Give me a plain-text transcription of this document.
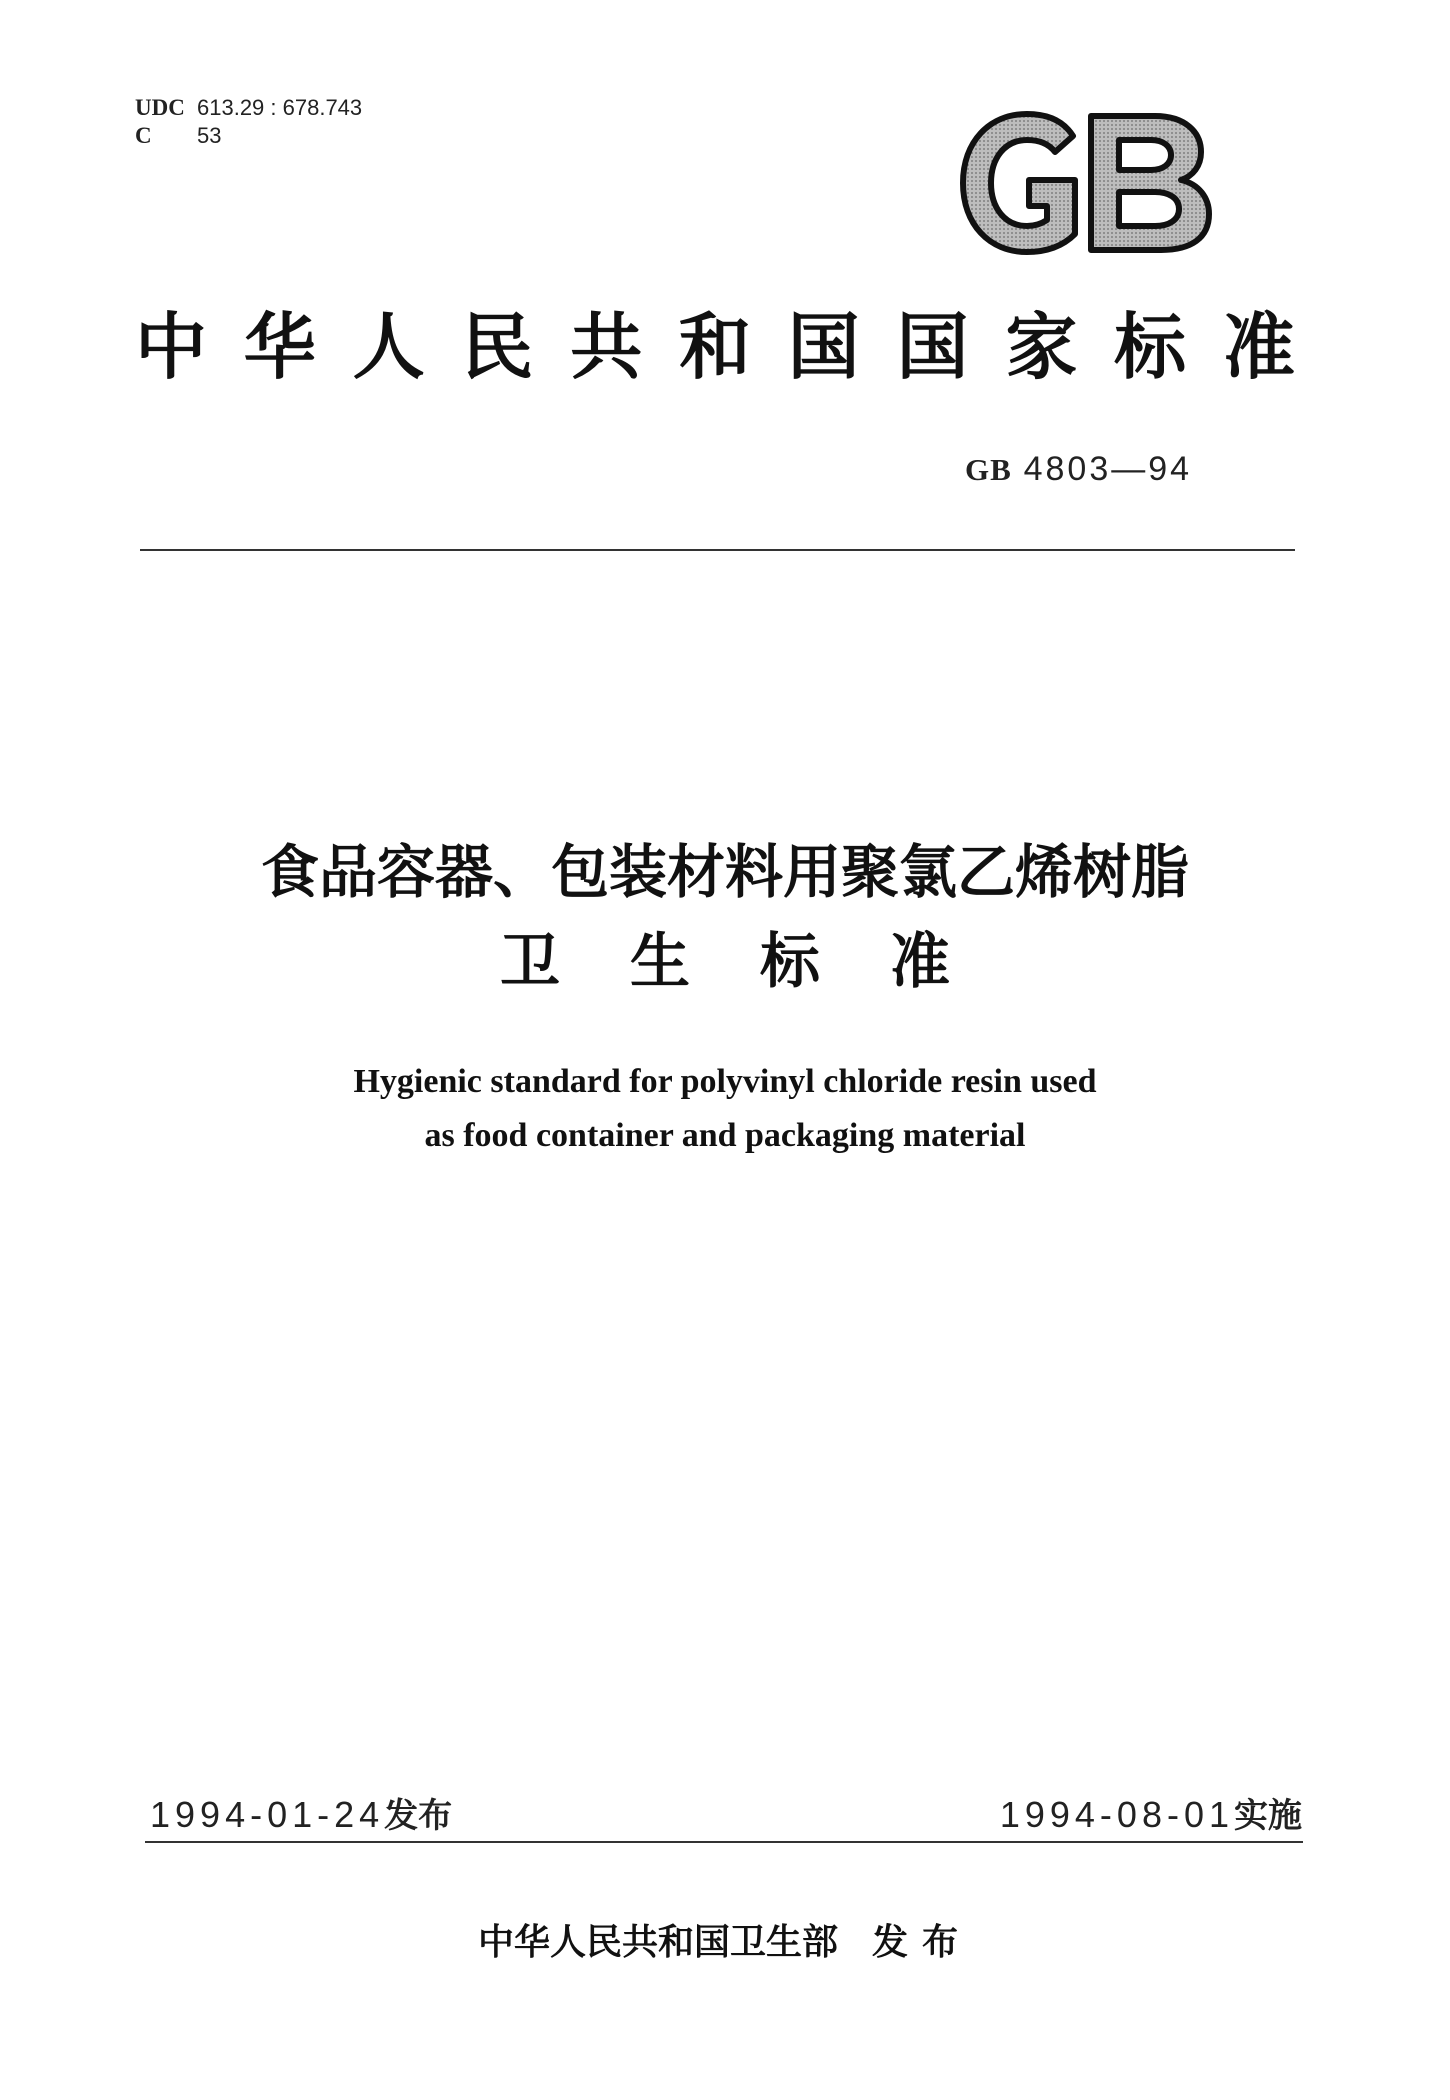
UDC 613.29 : 678.743
C 53
中 华 人 民 共 和 国 国 家 标 准
GB 4803—94
食品容器、包装材料用聚氯乙烯树脂
卫生标准
Hygienic standard for polyvinyl chloride resin used
as food container and packaging material
1994-01-24发布	1994-08-01实施
中华人民共和国卫生部 发布
